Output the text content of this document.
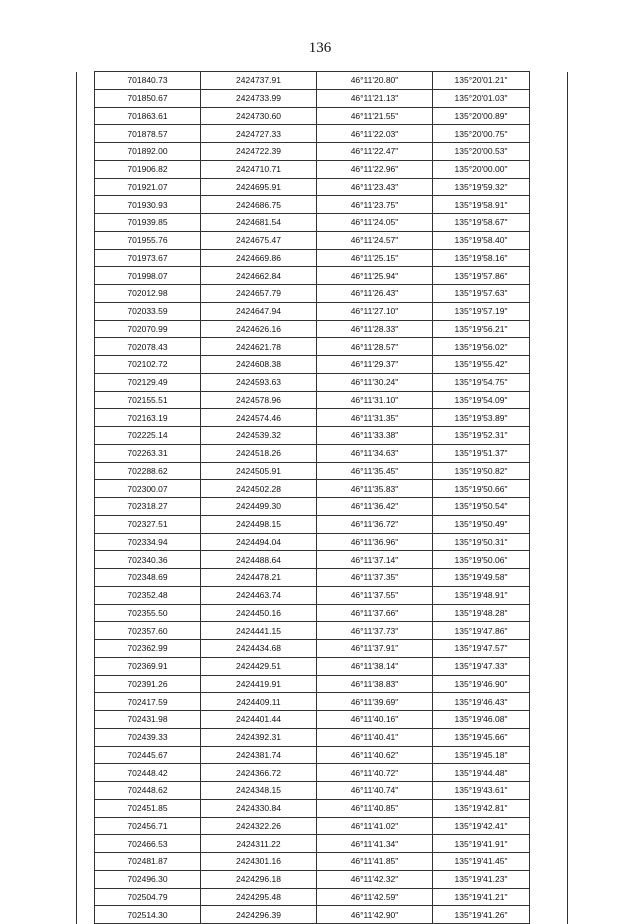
136
	701840.73	2424737.91	46°11'20.80"	135°20'01.21"	
	701850.67	2424733.99	46°11'21.13"	135°20'01.03"	
	701863.61	2424730.60	46°11'21.55"	135°20'00.89"	
	701878.57	2424727.33	46°11'22.03"	135°20'00.75"	
	701892.00	2424722.39	46°11'22.47"	135°20'00.53"	
	701906.82	2424710.71	46°11'22.96"	135°20'00.00"	
	701921.07	2424695.91	46°11'23.43"	135°19'59.32"	
	701930.93	2424686.75	46°11'23.75"	135°19'58.91"	
	701939.85	2424681.54	46°11'24.05"	135°19'58.67"	
	701955.76	2424675.47	46°11'24.57"	135°19'58.40"	
	701973.67	2424669.86	46°11'25.15"	135°19'58.16"	
	701998.07	2424662.84	46°11'25.94"	135°19'57.86"	
	702012.98	2424657.79	46°11'26.43"	135°19'57.63"	
	702033.59	2424647.94	46°11'27.10"	135°19'57.19"	
	702070.99	2424626.16	46°11'28.33"	135°19'56.21"	
	702078.43	2424621.78	46°11'28.57"	135°19'56.02"	
	702102.72	2424608.38	46°11'29.37"	135°19'55.42"	
	702129.49	2424593.63	46°11'30.24"	135°19'54.75"	
	702155.51	2424578.96	46°11'31.10"	135°19'54.09"	
	702163.19	2424574.46	46°11'31.35"	135°19'53.89"	
	702225.14	2424539.32	46°11'33.38"	135°19'52.31"	
	702263.31	2424518.26	46°11'34.63"	135°19'51.37"	
	702288.62	2424505.91	46°11'35.45"	135°19'50.82"	
	702300.07	2424502.28	46°11'35.83"	135°19'50.66"	
	702318.27	2424499.30	46°11'36.42"	135°19'50.54"	
	702327.51	2424498.15	46°11'36.72"	135°19'50.49"	
	702334.94	2424494.04	46°11'36.96"	135°19'50.31"	
	702340.36	2424488.64	46°11'37.14"	135°19'50.06"	
	702348.69	2424478.21	46°11'37.35"	135°19'49.58"	
	702352.48	2424463.74	46°11'37.55"	135°19'48.91"	
	702355.50	2424450.16	46°11'37.66"	135°19'48.28"	
	702357.60	2424441.15	46°11'37.73"	135°19'47.86"	
	702362.99	2424434.68	46°11'37.91"	135°19'47.57"	
	702369.91	2424429.51	46°11'38.14"	135°19'47.33"	
	702391.26	2424419.91	46°11'38.83"	135°19'46.90"	
	702417.59	2424409.11	46°11'39.69"	135°19'46.43"	
	702431.98	2424401.44	46°11'40.16"	135°19'46.08"	
	702439.33	2424392.31	46°11'40.41"	135°19'45.66"	
	702445.67	2424381.74	46°11'40.62"	135°19'45.18"	
	702448.42	2424366.72	46°11'40.72"	135°19'44.48"	
	702448.62	2424348.15	46°11'40.74"	135°19'43.61"	
	702451.85	2424330.84	46°11'40.85"	135°19'42.81"	
	702456.71	2424322.26	46°11'41.02"	135°19'42.41"	
	702466.53	2424311.22	46°11'41.34"	135°19'41.91"	
	702481.87	2424301.16	46°11'41.85"	135°19'41.45"	
	702496.30	2424296.18	46°11'42.32"	135°19'41.23"	
	702504.79	2424295.48	46°11'42.59"	135°19'41.21"	
	702514.30	2424296.39	46°11'42.90"	135°19'41.26"	
